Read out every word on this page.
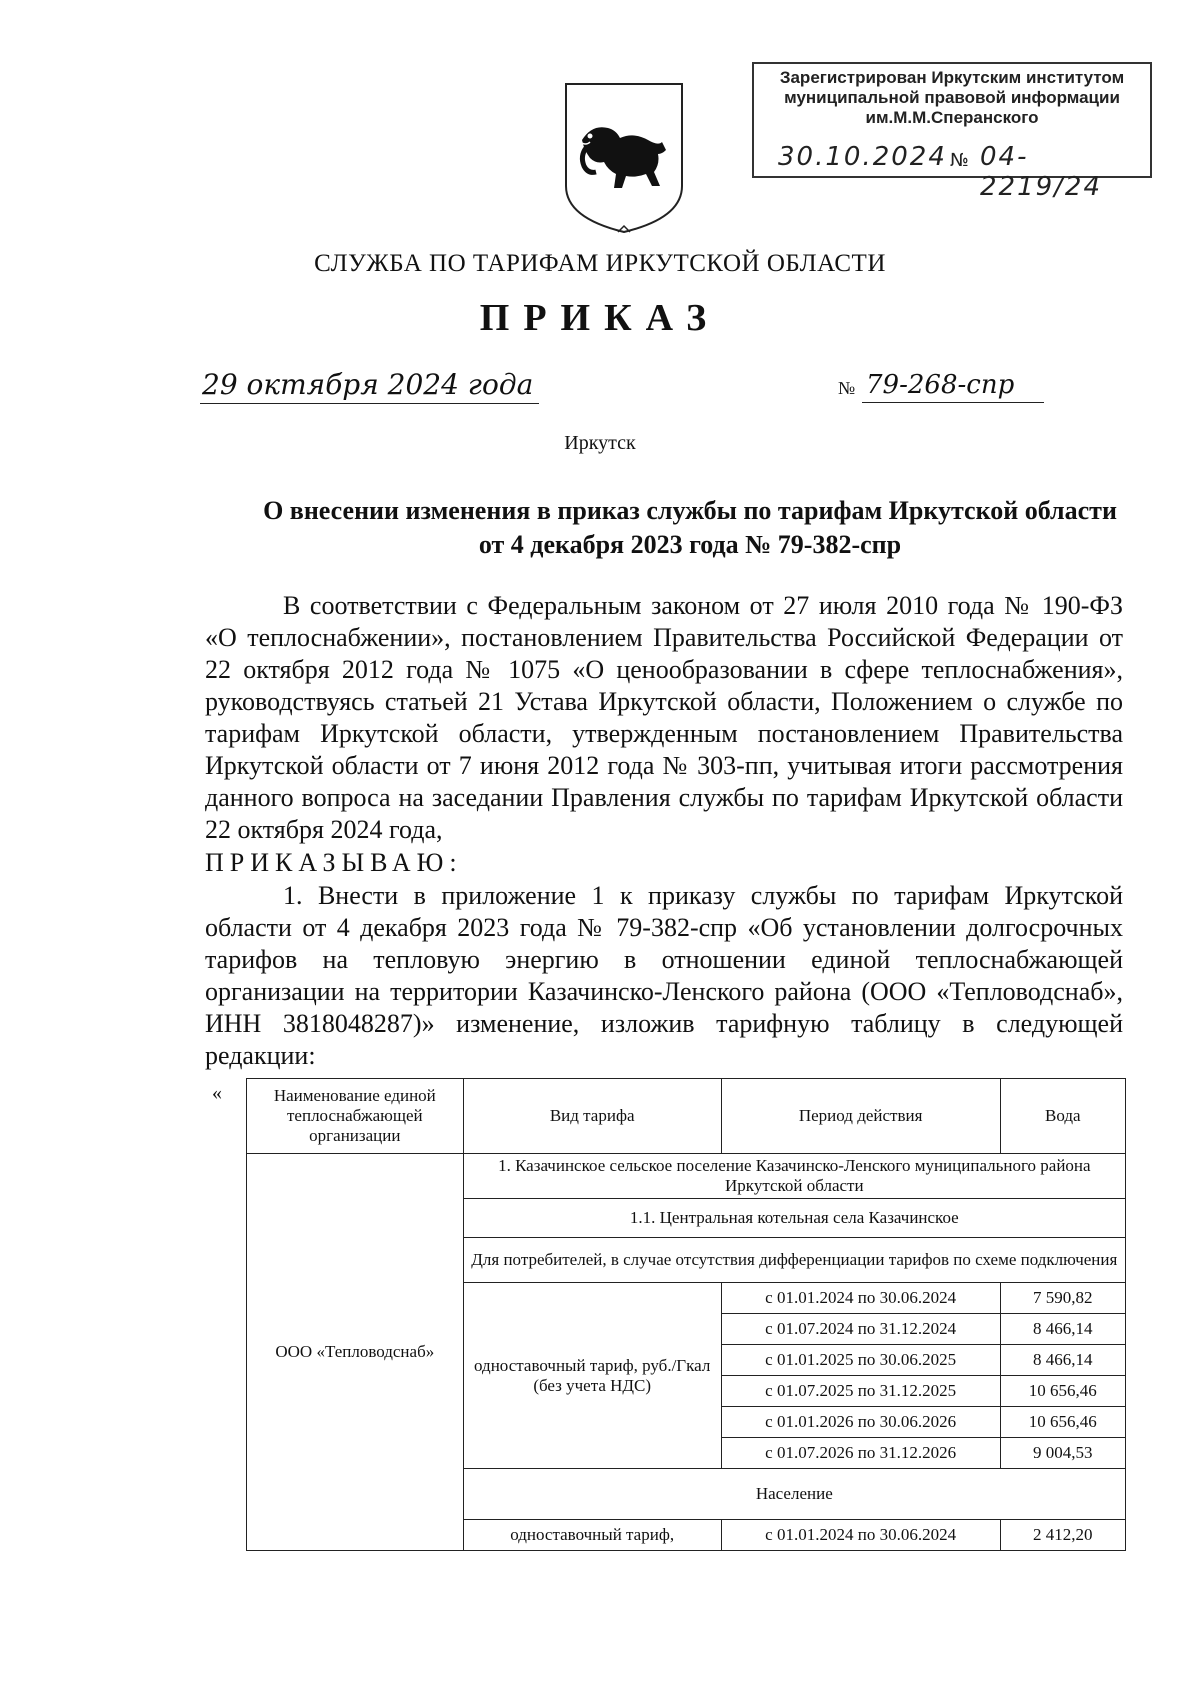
Зарегистрирован Иркутским институтом
муниципальной правовой информации
им.М.М.Сперанского
30.10.2024 № 04-2219/24
СЛУЖБА ПО ТАРИФАМ ИРКУТСКОЙ ОБЛАСТИ
ПРИКАЗ
29 октября 2024 года	№ 79-268-спр
Иркутск
О внесении изменения в приказ службы по тарифам Иркутской области
от 4 декабря 2023 года № 79-382-спр
В соответствии с Федеральным законом от 27 июля 2010 года № 190-ФЗ «О теплоснабжении», постановлением Правительства Российской Федерации от 22 октября 2012 года № 1075 «О ценообразовании в сфере теплоснабжения», руководствуясь статьей 21 Устава Иркутской области, Положением о службе по тарифам Иркутской области, утвержденным постановлением Правительства Иркутской области от 7 июня 2012 года № 303-пп, учитывая итоги рассмотрения данного вопроса на заседании Правления службы по тарифам Иркутской области 22 октября 2024 года,
ПРИКАЗЫВАЮ:
1. Внести в приложение 1 к приказу службы по тарифам Иркутской области от 4 декабря 2023 года № 79-382-спр «Об установлении долгосрочных тарифов на тепловую энергию в отношении единой теплоснабжающей организации на территории Казачинско-Ленского района (ООО «Тепловодснаб», ИНН 3818048287)» изменение, изложив тарифную таблицу в следующей редакции:
«	Наименование единой теплоснабжающей организации	Вид тарифа	Период действия	Вода
ООО «Тепловодснаб»	1. Казачинское сельское поселение Казачинско-Ленского муниципального района Иркутской области		
	1.1. Центральная котельная села Казачинское		
	Для потребителей, в случае отсутствия дифференциации тарифов по схеме подключения		
	одноставочный тариф, руб./Гкал (без учета НДС)	с 01.01.2024 по 30.06.2024	7 590,82
		с 01.07.2024 по 31.12.2024	8 466,14
		с 01.01.2025 по 30.06.2025	8 466,14
		с 01.07.2025 по 31.12.2025	10 656,46
		с 01.01.2026 по 30.06.2026	10 656,46
		с 01.07.2026 по 31.12.2026	9 004,53
	Население		
	одноставочный тариф,	с 01.01.2024 по 30.06.2024	2 412,20
